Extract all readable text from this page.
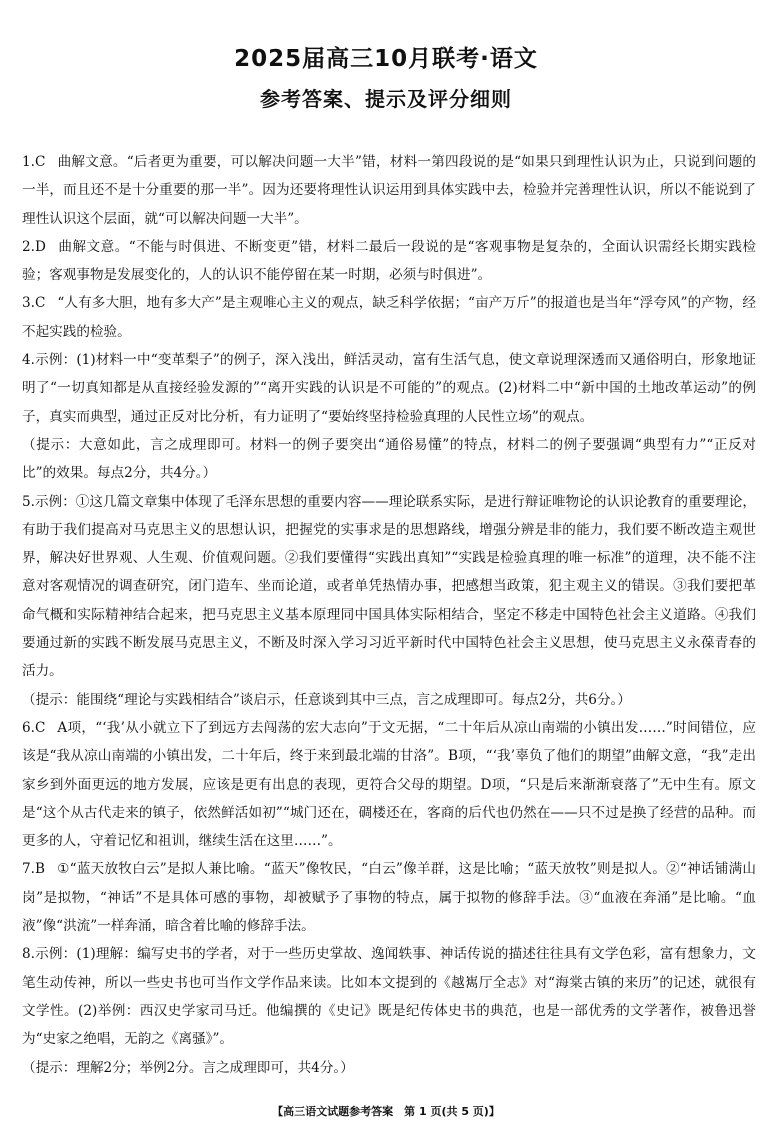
2025届高三10月联考·语文
参考答案、提示及评分细则

1.C 曲解文意。“后者更为重要，可以解决问题一大半”错，材料一第四段说的是“如果只到理性认识为止，只说到问题的一半，而且还不是十分重要的那一半”。因为还要将理性认识运用到具体实践中去，检验并完善理性认识，所以不能说到了理性认识这个层面，就“可以解决问题一大半”。

2.D 曲解文意。“不能与时俱进、不断变更”错，材料二最后一段说的是“客观事物是复杂的，全面认识需经长期实践检验；客观事物是发展变化的，人的认识不能停留在某一时期，必须与时俱进”。

3.C “人有多大胆，地有多大产”是主观唯心主义的观点，缺乏科学依据；“亩产万斤”的报道也是当年“浮夸风”的产物，经不起实践的检验。

4.示例：(1)材料一中“变革梨子”的例子，深入浅出，鲜活灵动，富有生活气息，使文章说理深透而又通俗明白，形象地证明了“一切真知都是从直接经验发源的”“离开实践的认识是不可能的”的观点。(2)材料二中“新中国的土地改革运动”的例子，真实而典型，通过正反对比分析，有力证明了“要始终坚持检验真理的人民性立场”的观点。

（提示：大意如此，言之成理即可。材料一的例子要突出“通俗易懂”的特点，材料二的例子要强调“典型有力”“正反对比”的效果。每点2分，共4分。）

5.示例：①这几篇文章集中体现了毛泽东思想的重要内容——理论联系实际，是进行辩证唯物论的认识论教育的重要理论，有助于我们提高对马克思主义的思想认识，把握党的实事求是的思想路线，增强分辨是非的能力，我们要不断改造主观世界，解决好世界观、人生观、价值观问题。②我们要懂得“实践出真知”“实践是检验真理的唯一标准”的道理，决不能不注意对客观情况的调查研究，闭门造车、坐而论道，或者单凭热情办事，把感想当政策，犯主观主义的错误。③我们要把革命气概和实际精神结合起来，把马克思主义基本原理同中国具体实际相结合，坚定不移走中国特色社会主义道路。④我们要通过新的实践不断发展马克思主义，不断及时深入学习习近平新时代中国特色社会主义思想，使马克思主义永葆青春的活力。

（提示：能围绕“理论与实践相结合”谈启示，任意谈到其中三点，言之成理即可。每点2分，共6分。）

6.C A项，“‘我’从小就立下了到远方去闯荡的宏大志向”于文无据，“二十年后从凉山南端的小镇出发……”时间错位，应该是“我从凉山南端的小镇出发，二十年后，终于来到最北端的甘洛”。B项，“‘我’辜负了他们的期望”曲解文意，“我”走出家乡到外面更远的地方发展，应该是更有出息的表现，更符合父母的期望。D项，“只是后来渐渐衰落了”无中生有。原文是“这个从古代走来的镇子，依然鲜活如初”“城门还在，碉楼还在，客商的后代也仍然在——只不过是换了经营的品种。而更多的人，守着记忆和祖训，继续生活在这里……”。

7.B ①“蓝天放牧白云”是拟人兼比喻。“蓝天”像牧民，“白云”像羊群，这是比喻；“蓝天放牧”则是拟人。②“神话铺满山岗”是拟物，“神话”不是具体可感的事物，却被赋予了事物的特点，属于拟物的修辞手法。③“血液在奔涌”是比喻。“血液”像“洪流”一样奔涌，暗含着比喻的修辞手法。

8.示例：(1)理解：编写史书的学者，对于一些历史掌故、逸闻轶事、神话传说的描述往往具有文学色彩，富有想象力，文笔生动传神，所以一些史书也可当作文学作品来读。比如本文提到的《越嶲厅全志》对“海棠古镇的来历”的记述，就很有文学性。(2)举例：西汉史学家司马迁。他编撰的《史记》既是纪传体史书的典范，也是一部优秀的文学著作，被鲁迅誉为“史家之绝唱，无韵之《离骚》”。

（提示：理解2分；举例2分。言之成理即可，共4分。）

【高三语文试题参考答案　第 1 页(共 5 页)】
